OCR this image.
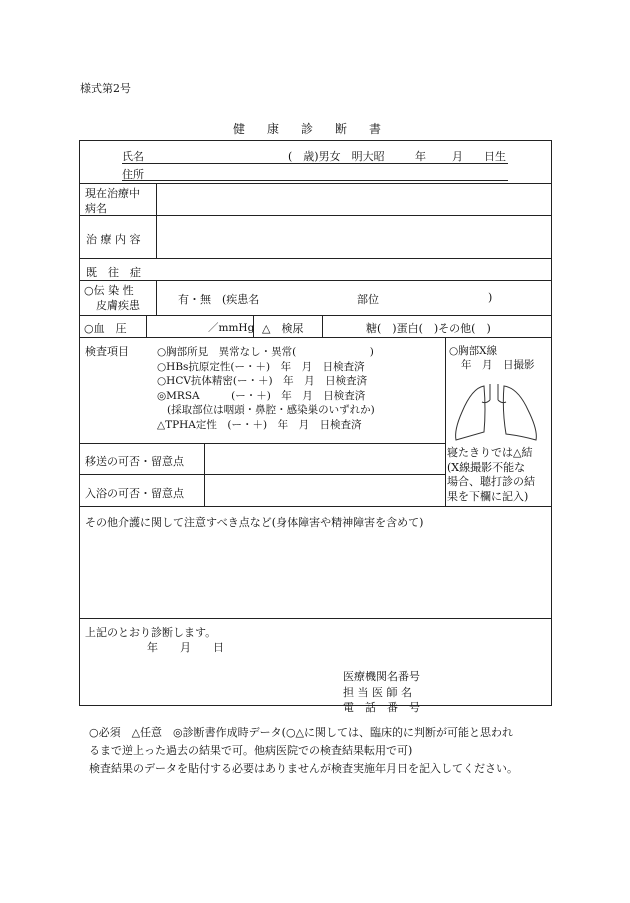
様式第2号
健 康 診 断 書
氏名	(　歳)男女　明大昭	年 月 日生
住所
現在治療中
病名
治 療 内 容
既　往　症
○伝 染 性
皮膚疾患	有・無　(疾患名	部位	)
○血　圧	／mmHg △　検尿	糖(　)蛋白(　)その他(　)
検査項目	○胸部所見　異常なし・異常(　　　　　　　)
○HBs抗原定性(ー・＋)　年　月　日検査済
○HCV抗体精密(ー・＋)　年　月　日検査済
◎MRSA　　　(ー・＋)　年　月　日検査済
(採取部位は咽頭・鼻腔・感染巣のいずれか)
△TPHA定性　(ー・＋)　年　月　日検査済
○胸部X線
年　月　日撮影
寝たきりでは△結
(X線撮影不能な
場合、聴打診の結
果を下欄に記入)
移送の可否・留意点
入浴の可否・留意点
その他介護に関して注意すべき点など(身体障害や精神障害を含めて)
上記のとおり診断します。
年　　月　　日
医療機関名番号
担 当 医 師 名
電　話　番　号
○必須　△任意　◎診断書作成時データ(○△に関しては、臨床的に判断が可能と思われ
るまで逆上った過去の結果で可。他病医院での検査結果転用で可)
検査結果のデータを貼付する必要はありませんが検査実施年月日を記入してください。
